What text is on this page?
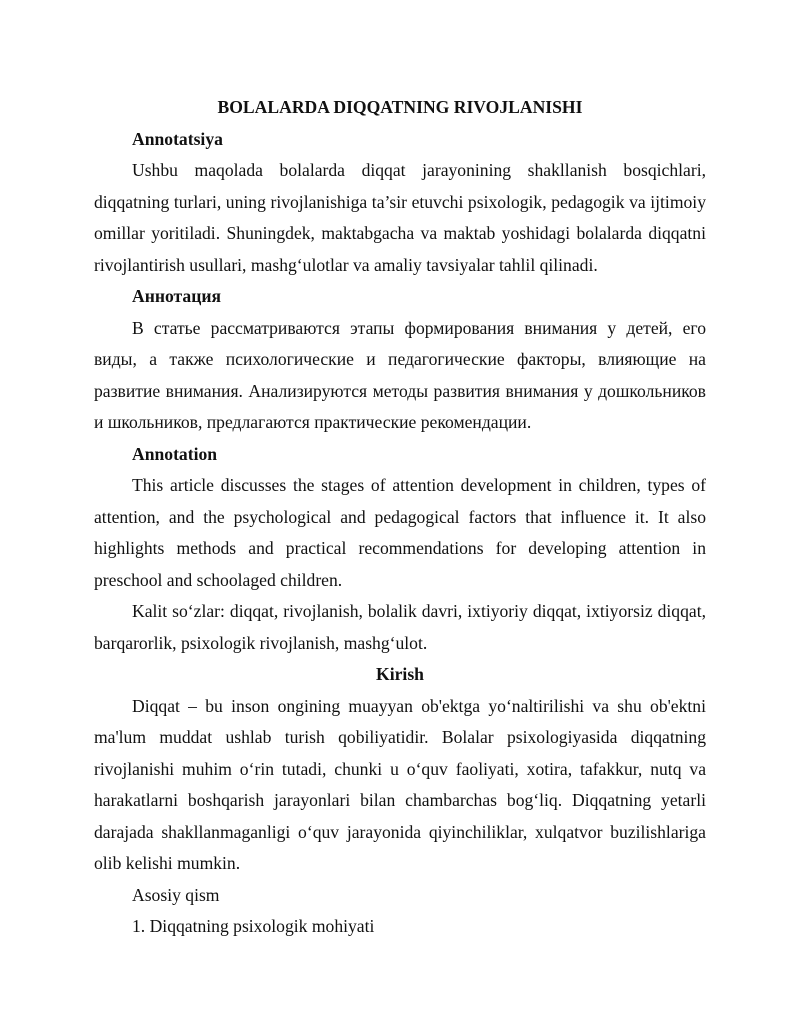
BOLALARDA DIQQATNING RIVOJLANISHI

Annotatsiya

Ushbu maqolada bolalarda diqqat jarayonining shakllanish bosqichlari, diqqatning turlari, uning rivojlanishiga ta’sir etuvchi psixologik, pedagogik va ijtimoiy omillar yoritiladi. Shuningdek, maktabgacha va maktab yoshidagi bolalarda diqqatni rivojlantirish usullari, mashg‘ulotlar va amaliy tavsiyalar tahlil qilinadi.

Аннотация

В статье рассматриваются этапы формирования внимания у детей, его виды, а также психологические и педагогические факторы, влияющие на развитие внимания. Анализируются методы развития внимания у дошкольников и школьников, предлагаются практические рекомендации.

Annotation

This article discusses the stages of attention development in children, types of attention, and the psychological and pedagogical factors that influence it. It also highlights methods and practical recommendations for developing attention in preschool and schoolaged children.

Kalit so‘zlar: diqqat, rivojlanish, bolalik davri, ixtiyoriy diqqat, ixtiyorsiz diqqat, barqarorlik, psixologik rivojlanish, mashg‘ulot.

Kirish

Diqqat – bu inson ongining muayyan ob'ektga yo‘naltirilishi va shu ob'ektni ma'lum muddat ushlab turish qobiliyatidir. Bolalar psixologiyasida diqqatning rivojlanishi muhim o‘rin tutadi, chunki u o‘quv faoliyati, xotira, tafakkur, nutq va harakatlarni boshqarish jarayonlari bilan chambarchas bog‘liq. Diqqatning yetarli darajada shakllanmaganligi o‘quv jarayonida qiyinchiliklar, xulqatvor buzilishlariga olib kelishi mumkin.

Asosiy qism

1. Diqqatning psixologik mohiyati
